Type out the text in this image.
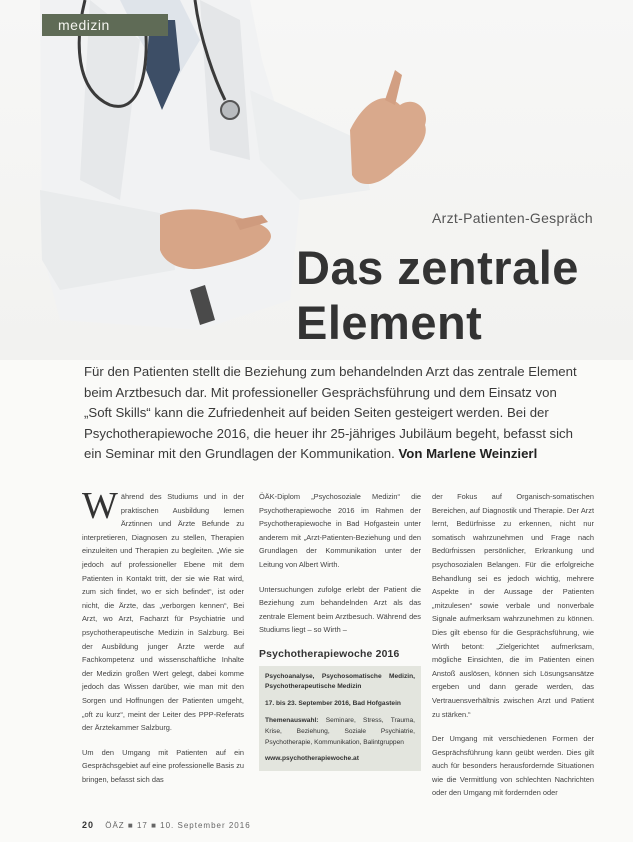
medizin
Arzt-Patienten-Gespräch
Das zentrale Element
Für den Patienten stellt die Beziehung zum behandelnden Arzt das zentrale Element beim Arztbesuch dar. Mit professioneller Gesprächsführung und dem Einsatz von „Soft Skills“ kann die Zufriedenheit auf beiden Seiten gesteigert werden. Bei der Psychotherapiewoche 2016, die heuer ihr 25-jähriges Jubiläum begeht, befasst sich ein Seminar mit den Grundlagen der Kommunikation. Von Marlene Weinzierl

Während des Studiums und in der praktischen Ausbildung lernen Ärztinnen und Ärzte Befunde zu interpretieren, Diagnosen zu stellen, Therapien einzuleiten und Therapien zu begleiten. „Wie sie jedoch auf professioneller Ebene mit dem Patienten in Kontakt tritt, der sie wie Rat wird, zum sich findet, wo er sich befindet“, ist oder nicht, die Ärzte, das „verborgen kennen“, Bei Arzt, wo Arzt, Facharzt für Psychiatrie und psychotherapeutische Medizin in Salzburg. Bei der Ausbildung junger Ärzte werde auf Fachkompetenz und wissenschaftliche Inhalte der Medizin großen Wert gelegt, dabei komme jedoch das Wissen darüber, wie man mit den Sorgen und Hoffnungen der Patienten umgeht, „oft zu kurz“, meint der Leiter des PPP-Referats der Ärztekammer Salzburg.

Um den Umgang mit Patienten auf ein Gesprächsgebiet auf eine professionelle Basis zu bringen, befasst sich das

ÖÄK-Diplom „Psychosoziale Medizin“ die Psychotherapiewoche 2016 im Rahmen der Psychotherapiewoche in Bad Hofgastein unter anderem mit „Arzt-Patienten-Beziehung und den Grundlagen der Kommunikation unter der Leitung von Albert Wirth.

Untersuchungen zufolge erlebt der Patient die Beziehung zum behandelnden Arzt als das zentrale Element beim Arztbesuch. Während des Studiums liegt – so Wirth –

Psychotherapiewoche 2016
Psychoanalyse, Psychosomatische Medizin, Psychotherapeutische Medizin
17. bis 23. September 2016, Bad Hofgastein
Themenauswahl: Seminare, Stress, Trauma, Krise, Beziehung, Soziale Psychiatrie, Psychotherapie, Kommunikation, Balintgruppen
www.psychotherapiewoche.at

der Fokus auf Organisch-somatischen Bereichen, auf Diagnostik und Therapie. Der Arzt lernt, Bedürfnisse zu erkennen, nicht nur somatisch wahrzunehmen und Frage nach Bedürfnissen persönlicher, Erkrankung und psychosozialen Belangen. Für die erfolgreiche Behandlung sei es jedoch wichtig, mehrere Aspekte in der Aussage der Patienten „mitzulesen“ sowie verbale und nonverbale Signale aufmerksam wahrzunehmen zu können. Dies gilt ebenso für die Gesprächsführung, wie Wirth betont: „Zielgerichtet aufmerksam, mögliche Einsichten, die im Patienten einen Anstoß auslösen, können sich Lösungsansätze ergeben und dann gerade werden, das Vertrauensverhältnis zwischen Arzt und Patient zu stärken.“

Der Umgang mit verschiedenen Formen der Gesprächsführung kann geübt werden. Dies gilt auch für besonders herausfordernde Situationen wie die Vermittlung von schlechten Nachrichten oder den Umgang mit fordernden oder

20 ÖÄZ ■ 17 ■ 10. September 2016
